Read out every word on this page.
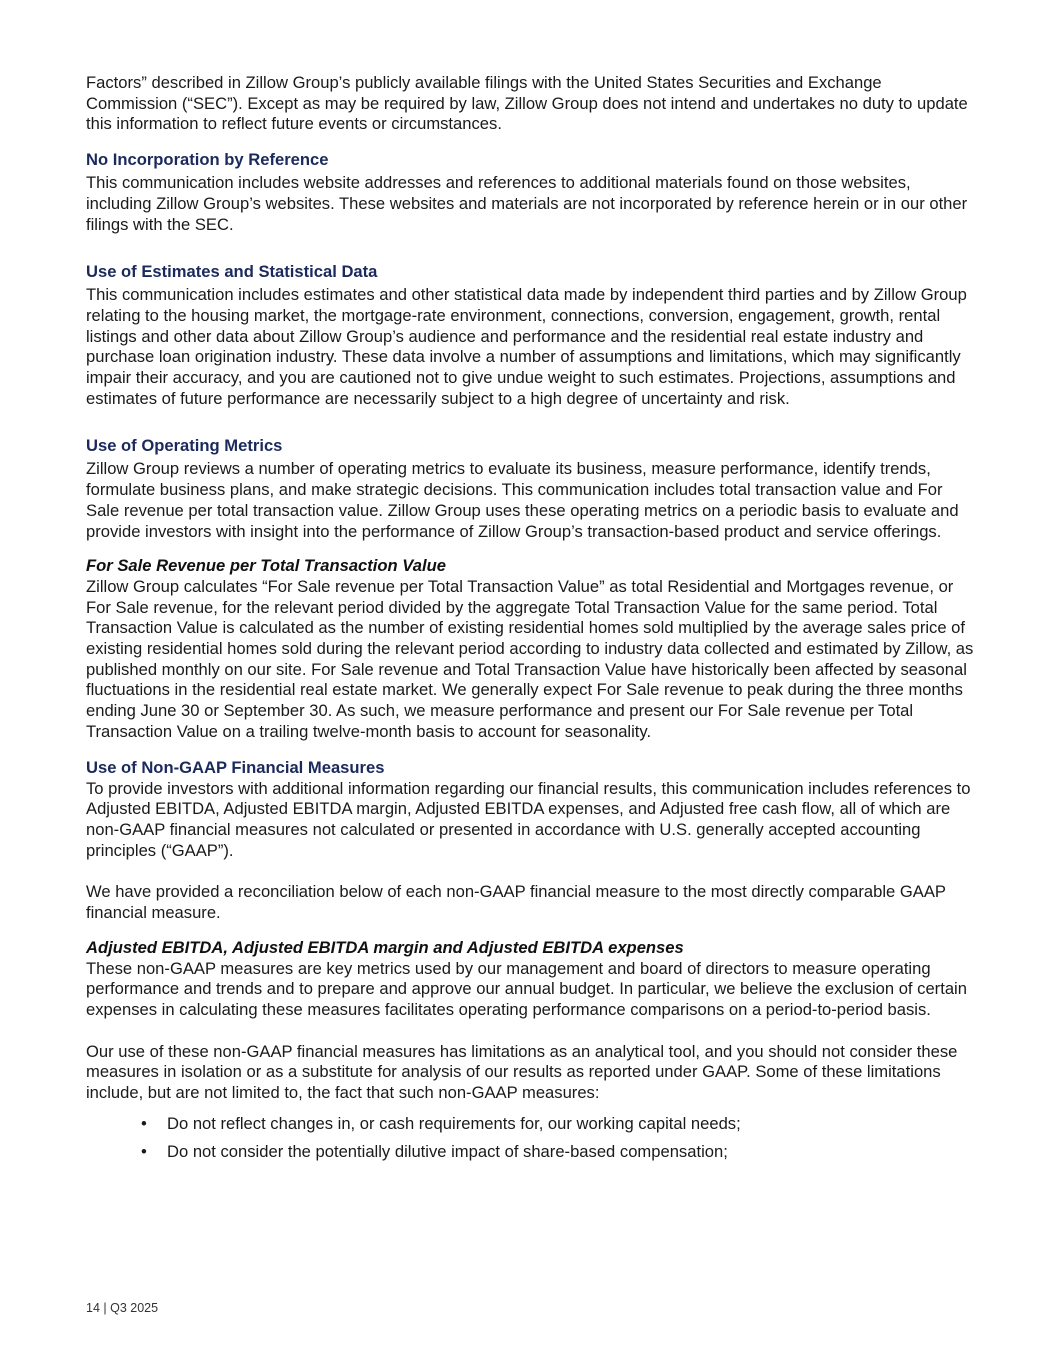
Factors” described in Zillow Group’s publicly available filings with the United States Securities and Exchange Commission (“SEC”). Except as may be required by law, Zillow Group does not intend and undertakes no duty to update this information to reflect future events or circumstances.

No Incorporation by Reference

This communication includes website addresses and references to additional materials found on those websites, including Zillow Group’s websites. These websites and materials are not incorporated by reference herein or in our other filings with the SEC.

Use of Estimates and Statistical Data

This communication includes estimates and other statistical data made by independent third parties and by Zillow Group relating to the housing market, the mortgage-rate environment, connections, conversion, engagement, growth, rental listings and other data about Zillow Group’s audience and performance and the residential real estate industry and purchase loan origination industry. These data involve a number of assumptions and limitations, which may significantly impair their accuracy, and you are cautioned not to give undue weight to such estimates. Projections, assumptions and estimates of future performance are necessarily subject to a high degree of uncertainty and risk.

Use of Operating Metrics

Zillow Group reviews a number of operating metrics to evaluate its business, measure performance, identify trends, formulate business plans, and make strategic decisions. This communication includes total transaction value and For Sale revenue per total transaction value. Zillow Group uses these operating metrics on a periodic basis to evaluate and provide investors with insight into the performance of Zillow Group’s transaction-based product and service offerings.

For Sale Revenue per Total Transaction Value

Zillow Group calculates “For Sale revenue per Total Transaction Value” as total Residential and Mortgages revenue, or For Sale revenue, for the relevant period divided by the aggregate Total Transaction Value for the same period. Total Transaction Value is calculated as the number of existing residential homes sold multiplied by the average sales price of existing residential homes sold during the relevant period according to industry data collected and estimated by Zillow, as published monthly on our site. For Sale revenue and Total Transaction Value have historically been affected by seasonal fluctuations in the residential real estate market. We generally expect For Sale revenue to peak during the three months ending June 30 or September 30. As such, we measure performance and present our For Sale revenue per Total Transaction Value on a trailing twelve-month basis to account for seasonality.

Use of Non-GAAP Financial Measures

To provide investors with additional information regarding our financial results, this communication includes references to Adjusted EBITDA, Adjusted EBITDA margin, Adjusted EBITDA expenses, and Adjusted free cash flow, all of which are non-GAAP financial measures not calculated or presented in accordance with U.S. generally accepted accounting principles (“GAAP”).

We have provided a reconciliation below of each non-GAAP financial measure to the most directly comparable GAAP financial measure.

Adjusted EBITDA, Adjusted EBITDA margin and Adjusted EBITDA expenses

These non-GAAP measures are key metrics used by our management and board of directors to measure operating performance and trends and to prepare and approve our annual budget. In particular, we believe the exclusion of certain expenses in calculating these measures facilitates operating performance comparisons on a period-to-period basis.

Our use of these non-GAAP financial measures has limitations as an analytical tool, and you should not consider these measures in isolation or as a substitute for analysis of our results as reported under GAAP. Some of these limitations include, but are not limited to, the fact that such non-GAAP measures:

• Do not reflect changes in, or cash requirements for, our working capital needs;
• Do not consider the potentially dilutive impact of share-based compensation;
14 | Q3 2025
